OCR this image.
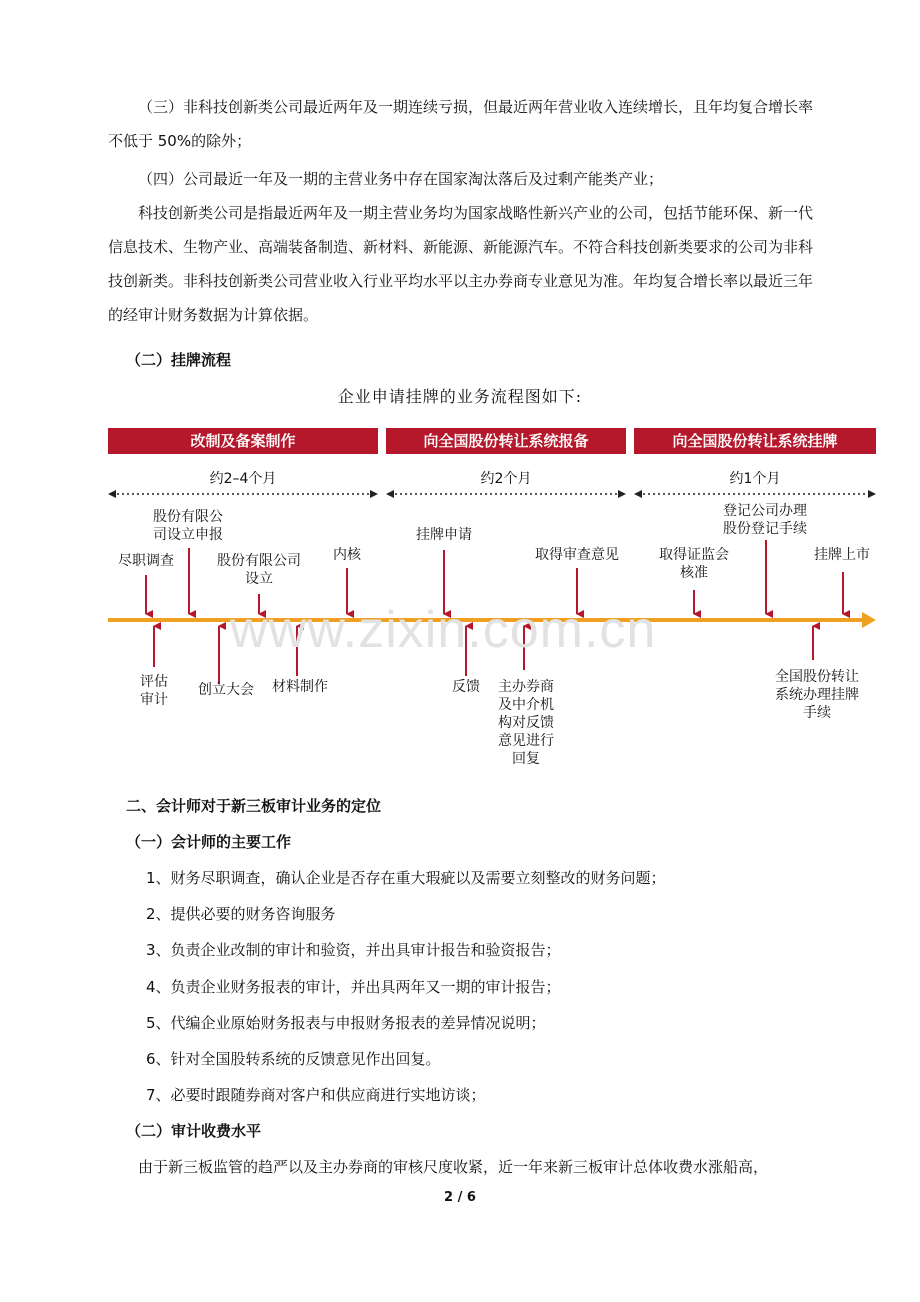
（三）非科技创新类公司最近两年及一期连续亏损，但最近两年营业收入连续增长，且年均复合增长率不低于 50%的除外；

（四）公司最近一年及一期的主营业务中存在国家淘汰落后及过剩产能类产业；

科技创新类公司是指最近两年及一期主营业务均为国家战略性新兴产业的公司，包括节能环保、新一代信息技术、生物产业、高端装备制造、新材料、新能源、新能源汽车。不符合科技创新类要求的公司为非科技创新类。非科技创新类公司营业收入行业平均水平以主办券商专业意见为准。年均复合增长率以最近三年的经审计财务数据为计算依据。

（二）挂牌流程
企业申请挂牌的业务流程图如下:
改制及备案制作	向全国股份转让系统报备	向全国股份转让系统挂牌
约2–4个月	约2个月	约1个月
尽职调查
股份有限公
司设立申报
股份有限公司
设立
内核
挂牌申请
取得审查意见	取得证监会
核准
登记公司办理
股份登记手续
挂牌上市
评估
审计
创立大会	材料制作	反馈	主办券商
及中介机
构对反馈
意见进行
回复
全国股份转让
系统办理挂牌
手续
www.zixin.com.cn
二、会计师对于新三板审计业务的定位
（一）会计师的主要工作
1、财务尽职调查，确认企业是否存在重大瑕疵以及需要立刻整改的财务问题；
2、提供必要的财务咨询服务
3、负责企业改制的审计和验资，并出具审计报告和验资报告；
4、负责企业财务报表的审计，并出具两年又一期的审计报告；
5、代编企业原始财务报表与申报财务报表的差异情况说明；
6、针对全国股转系统的反馈意见作出回复。
7、必要时跟随券商对客户和供应商进行实地访谈；
（二）审计收费水平
由于新三板监管的趋严以及主办券商的审核尺度收紧，近一年来新三板审计总体收费水涨船高，
2 / 6
